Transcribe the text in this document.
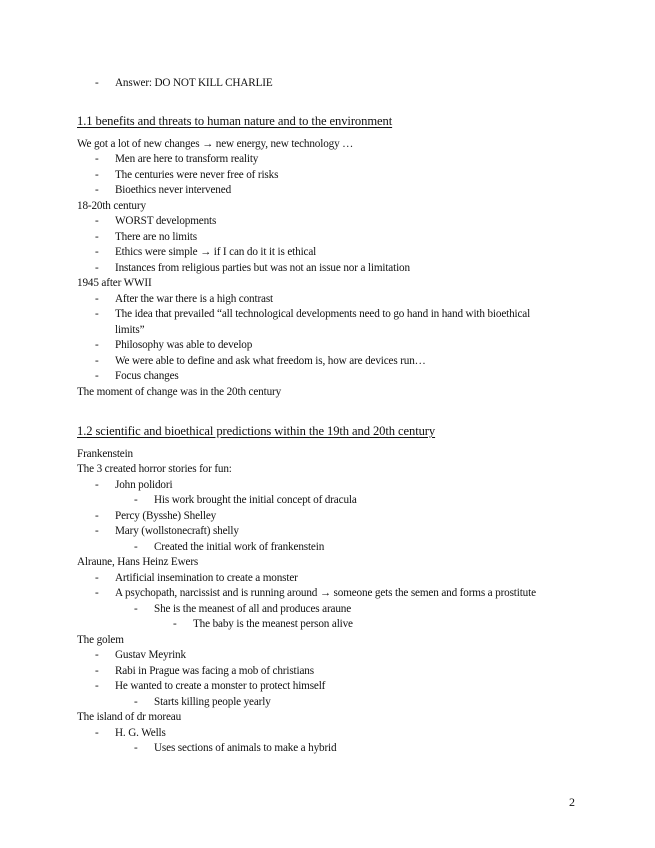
- Answer: DO NOT KILL CHARLIE
1.1 benefits and threats to human nature and to the environment
We got a lot of new changes → new energy, new technology …
- Men are here to transform reality
- The centuries were never free of risks
- Bioethics never intervened
18-20th century
- WORST developments
- There are no limits
- Ethics were simple → if I can do it it is ethical
- Instances from religious parties but was not an issue nor a limitation
1945 after WWII
- After the war there is a high contrast
- The idea that prevailed “all technological developments need to go hand in hand with bioethical
limits”
- Philosophy was able to develop
- We were able to define and ask what freedom is, how are devices run…
- Focus changes
The moment of change was in the 20th century
1.2 scientific and bioethical predictions within the 19th and 20th century
Frankenstein
The 3 created horror stories for fun:
- John polidori
- His work brought the initial concept of dracula
- Percy (Bysshe) Shelley
- Mary (wollstonecraft) shelly
- Created the initial work of frankenstein
Alraune, Hans Heinz Ewers
- Artificial insemination to create a monster
- A psychopath, narcissist and is running around → someone gets the semen and forms a prostitute
- She is the meanest of all and produces araune
- The baby is the meanest person alive
The golem
- Gustav Meyrink
- Rabi in Prague was facing a mob of christians
- He wanted to create a monster to protect himself
- Starts killing people yearly
The island of dr moreau
- H. G. Wells
- Uses sections of animals to make a hybrid
2
